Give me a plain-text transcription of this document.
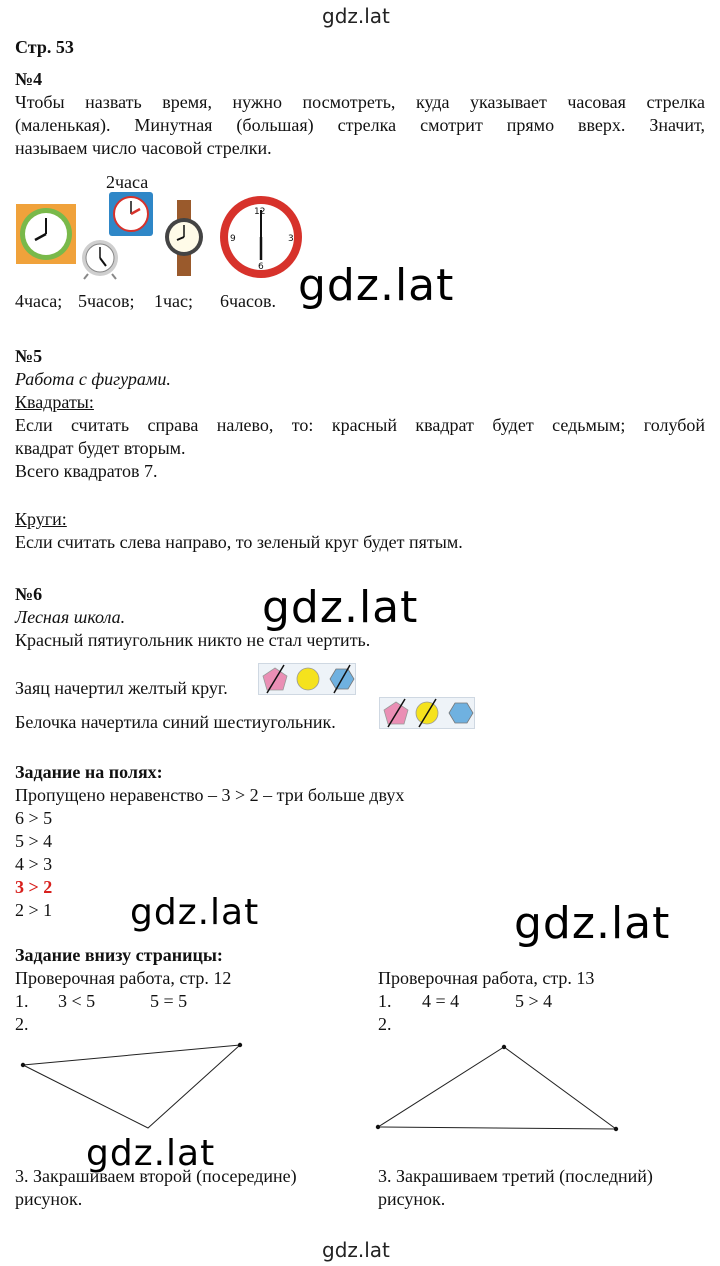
gdz.lat
Стр. 53
№4
Чтобы назвать время, нужно посмотреть, куда указывает часовая стрелка
(маленькая). Минутная (большая) стрелка смотрит прямо вверх. Значит,
называем число часовой стрелки.
2часа
12
3
6
9
4часа; 5часов; 1час; 6часов. gdz.lat
№5
Работа с фигурами.
Квадраты:
Если считать справа налево, то: красный квадрат будет седьмым; голубой
квадрат будет вторым.
Всего квадратов 7.
Круги:
Если считать слева направо, то зеленый круг будет пятым.
№6
Лесная школа.
Красный пятиугольник никто не стал чертить.
gdz.lat
Заяц начертил желтый круг.
Белочка начертила синий шестиугольник.
Задание на полях:
Пропущено неравенство – 3 > 2 – три больше двух
6 > 5
5 > 4
4 > 3
3 > 2
2 > 1 gdz.lat	gdz.lat
Задание внизу страницы:
Проверочная работа, стр. 12
1. 3 < 5	5 = 5
2.
gdz.lat
3. Закрашиваем второй (посередине)
рисунок.
Проверочная работа, стр. 13
1. 4 = 4	5 > 4
2.
3. Закрашиваем третий (последний)
рисунок.
gdz.lat
